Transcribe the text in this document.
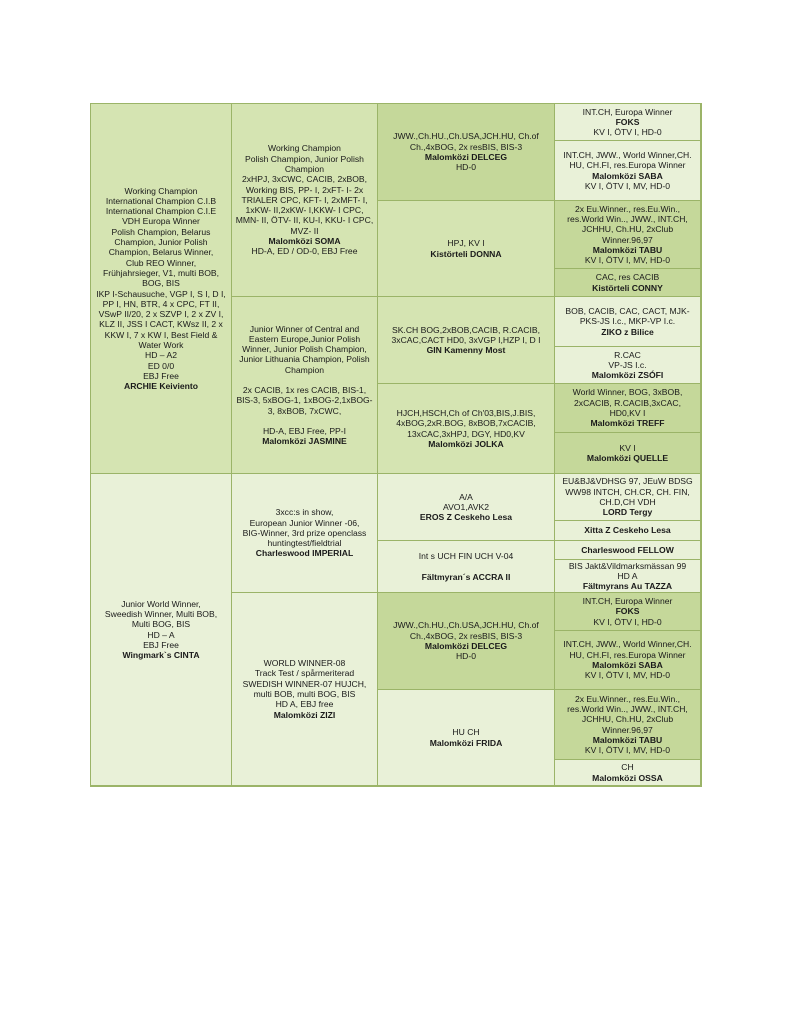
Working Champion
International Champion C.I.B
International Champion C.I.E
VDH Europa Winner
Polish Champion, Belarus Champion, Junior Polish Champion, Belarus Winner,
Club REO Winner,
Frühjahrsieger, V1, multi BOB, BOG, BIS
IKP I-Schausuche, VGP I, S I, D I, PP I, HN, BTR, 4 x CPC, FT II, VSwP II/20, 2 x SZVP I, 2 x ZV I, KLZ II, JSS I CACT, KWsz II, 2 x KKW I, 7 x KW I, Best Field & Water Work
HD – A2
ED 0/0
EBJ Free
ARCHIE Keiviento
Junior World Winner,
Sweedish Winner, Multi BOB,
Multi BOG, BIS
HD – A
EBJ Free
Wingmark`s CINTA
Working Champion
Polish Champion, Junior Polish Champion
2xHPJ, 3xCWC, CACIB, 2xBOB, Working BIS, PP- I, 2xFT- I- 2x TRIALER CPC, KFT- I, 2xMFT- I, 1xKW- II,2xKW- I,KKW- I CPC, MMN- II, ÖTV- II, KU-I, KKU- I CPC, MVZ- II
Malomközi SOMA
HD-A, ED / OD-0, EBJ Free
Junior Winner of Central and Eastern Europe,Junior Polish Winner, Junior Polish Champion, Junior Lithuania Champion, Polish Champion
2x CACIB, 1x res CACIB, BIS-1, BIS-3, 5xBOG-1, 1xBOG-2,1xBOG-3, 8xBOB, 7xCWC,
HD-A, EBJ Free, PP-I
Malomközi JASMINE
3xcc:s in show,
European Junior Winner -06,
BIG-Winner, 3rd prize openclass huntingtest/fieldtrial
Charleswood IMPERIAL
WORLD WINNER-08
Track Test / spårmeriterad
SWEDISH WINNER-07 HUJCH, multi BOB, multi BOG, BIS
HD A, EBJ free
Malomközi ZIZI
JWW.,Ch.HU.,Ch.USA,JCH.HU, Ch.of Ch.,4xBOG, 2x resBIS, BIS-3
Malomközi DELCEG
HD-0
HPJ, KV I
Kistörteli DONNA
SK.CH BOG,2xBOB,CACIB, R.CACIB, 3xCAC,CACT HD0, 3xVGP I,HZP I, D I
GIN Kamenny Most
HJCH,HSCH,Ch of Ch'03,BIS,J.BIS, 4xBOG,2xR.BOG, 8xBOB,7xCACIB, 13xCAC,3xHPJ, DGY, HD0,KV
Malomközi JOLKA
A/A
AVO1,AVK2
EROS Z Ceskeho Lesa
Int s UCH FIN UCH V-04
Fältmyran´s ACCRA II
JWW.,Ch.HU.,Ch.USA,JCH.HU, Ch.of Ch.,4xBOG, 2x resBIS, BIS-3
Malomközi DELCEG
HD-0
HU CH
Malomközi FRIDA
INT.CH, Europa Winner
FOKS
KV I, ÖTV I, HD-0
INT.CH, JWW., World Winner,CH. HU, CH.FI, res.Europa Winner
Malomközi SABA
KV I, ÖTV I, MV, HD-0
2x Eu.Winner., res.Eu.Win., res.World Win.., JWW., INT.CH, JCHHU, Ch.HU, 2xClub Winner.96,97
Malomközi TABU
KV I, ÖTV I, MV, HD-0
CAC, res CACIB
Kistörteli CONNY
BOB, CACIB, CAC, CACT, MJK-PKS-JS I.c., MKP-VP I.c.
ZIKO z Bilice
R.CAC
VP-JS I.c.
Malomközi ZSÓFI
World Winner, BOG, 3xBOB, 2xCACIB, R.CACIB,3xCAC, HD0,KV I
Malomközi TREFF
KV I
Malomközi QUELLE
EU&BJ&VDHSG 97, JEuW BDSG WW98 INTCH, CH.CR, CH. FIN, CH.D,CH VDH
LORD Tergy
Xitta Z Ceskeho Lesa
Charleswood FELLOW
BIS Jakt&Vildmarksmässan 99
HD A
Fältmyrans Au TAZZA
INT.CH, Europa Winner
FOKS
KV I, ÖTV I, HD-0
INT.CH, JWW., World Winner,CH. HU, CH.FI, res.Europa Winner
Malomközi SABA
KV I, ÖTV I, MV, HD-0
2x Eu.Winner., res.Eu.Win., res.World Win.., JWW., INT.CH, JCHHU, Ch.HU, 2xClub Winner.96,97
Malomközi TABU
KV I, ÖTV I, MV, HD-0
CH
Malomközi OSSA
